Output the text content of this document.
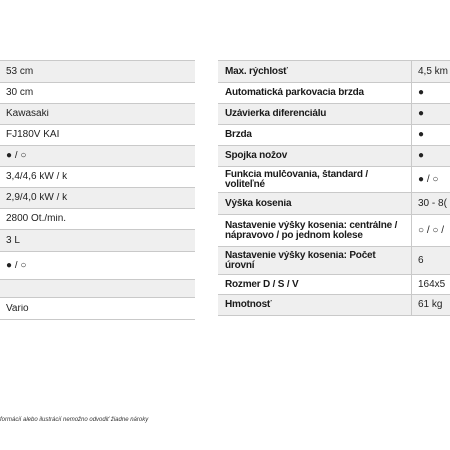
53 cm
30 cm
Kawasaki
FJ180V KAI
● / ○
3,4/4,6 kW / k
2,9/4,0 kW / k
2800 Ot./min.
3 L
● / ○
Vario
Max. rýchlosť	4,5 km
Automatická parkovacia brzda	●
Uzávierka diferenciálu	●
Brzda	●
Spojka nožov	●
Funkcia mulčovania, štandard / voliteľné	● / ○
Výška kosenia	30 - 8(
Nastavenie výšky kosenia: centrálne / nápravovo / po jednom kolese	○ / ○ /
Nastavenie výšky kosenia: Počet úrovní	6
Rozmer D / Š / V	164x5
Hmotnosť	61 kg
formácií alebo ilustrácií nemožno odvodiť žiadne nároky
